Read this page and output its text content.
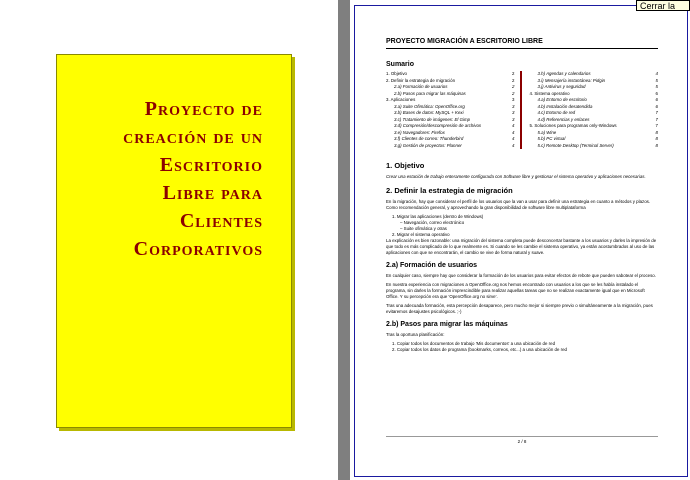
Proyecto de
creación de un
Escritorio
Libre para
Clientes
Corporativos
Cerrar la
PROYECTO MIGRACIÓN A ESCRITORIO LIBRE
Sumario
1. Objetivo	2
2. Definir la estrategia de migración	2
2.a) Formación de usuarios	2
2.b) Pasos para migrar las máquinas	2
3. Aplicaciones	3
3.a) Suite Ofimática: OpenOffice.org	3
3.b) Bases de datos: MySQL + Kexi	3
3.c) Tratamiento de imágenes: El Gimp	3
3.d) Compresión/descompresión de archivos	4
3.e) Navegadores: Firefox	4
3.f) Clientes de correo: Thunderbird	4
3.g) Gestión de proyectos: Planner	4
3.h) Agendas y calendarios	4
3.i) Mensajería instantánea: Pidgin	5
3.j) Antivirus y seguridad	5
4. Sistema operativo	6
4.a) Entorno de escritorio	6
4.b) Instalación desatendida	6
4.c) Entorno de red	7
4.d) Referencias y enlaces	7
5. Soluciones para programas only-Windows	7
5.a) Wine	8
5.b) PC virtual	8
5.c) Remote Desktop (Terminal Server)	8
1. Objetivo
Crear una estación de trabajo enteramente configurada con Software libre y gestionar el sistema operativo y aplicaciones necesarias.
2. Definir la estrategia de migración
En la migración, hay que considerar el perfil de los usuarios que la van a usar para definir una estrategia en cuanto a métodos y plazos. Como recomendación general, y aprovechando la gran disponibilidad de software libre multiplataforma
1. Migrar las aplicaciones (dentro de Windows)
– Navegación, correo electrónico
– Suite ofimática y otras
2. Migrar el sistema operativo
La explicación es bien razonable: una migración del sistema completa puede desconcertar bastante a los usuarios y darles la impresión de que todo es más complicado de lo que realmente es. Si cuando se les cambie el sistema operativo, ya están acostumbrados al uso de las aplicaciones con que se encontrarán, el cambio se vive de forma natural y suave.
2.a) Formación de usuarios
En cualquier caso, siempre hay que considerar la formación de los usuarios para evitar efectos de rebote que pueden sabotear el proceso.
En nuestra experiencia con migraciones a OpenOffice.org nos hemos encontrado con usuarios a los que se les había instalado el programa, sin darles la formación imprescindible para realizar aquellas tareas que no se realizan exactamente igual que en Microsoft Office. Y su percepción era que 'OpenOffice.org no sirve'.
Tras una adecuada formación, esta percepción desaparece, pero mucho mejor si siempre previo o simultáneamente a la migración, pues evitaremos desajustes psicológicos. ;-)
2.b) Pasos para migrar las máquinas
Tras la oportuna planificación:
1. Copiar todos los documentos de trabajo 'Mis documentos' a una ubicación de red
2. Copiar todos los datos de programa (bookmarks, correos, etc...) a una ubicación de red
2 / 8
